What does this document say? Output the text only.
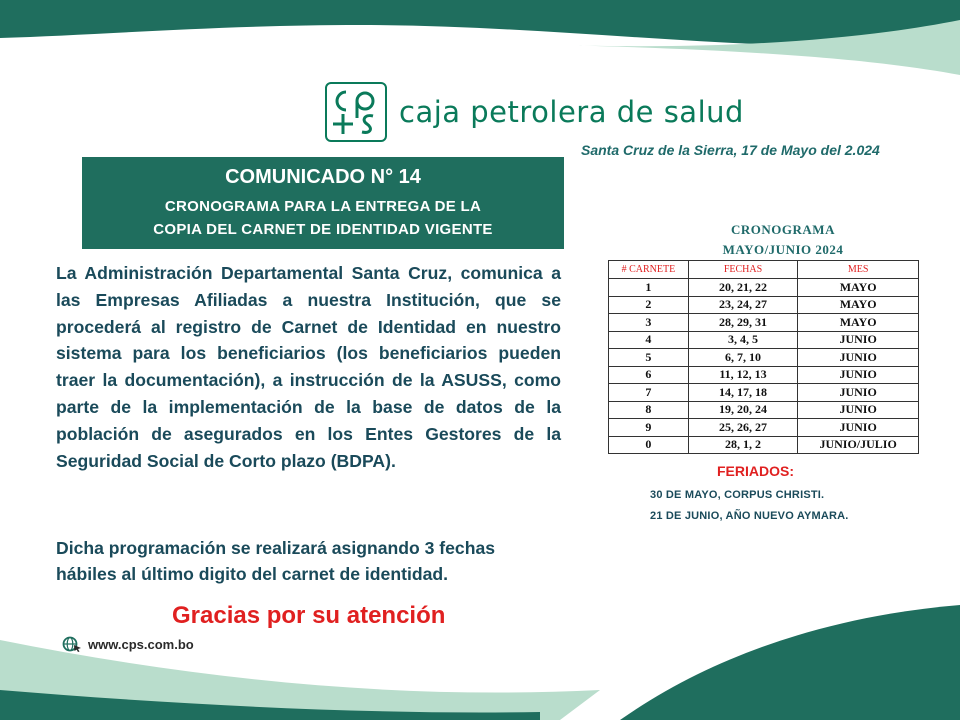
caja petrolera de salud
Santa Cruz de la Sierra, 17 de Mayo del 2.024
COMUNICADO N° 14
CRONOGRAMA PARA LA ENTREGA DE LA
COPIA DEL CARNET DE IDENTIDAD VIGENTE

La Administración Departamental Santa Cruz, comunica a las Empresas Afiliadas a nuestra Institución, que se procederá al registro de Carnet de Identidad en nuestro sistema para los beneficiarios (los beneficiarios pueden traer la documentación), a instrucción de la ASUSS, como parte de la implementación de la base de datos de la población de asegurados en los Entes Gestores de la Seguridad Social de Corto plazo (BDPA).

Dicha programación se realizará asignando 3 fechas hábiles al último digito del carnet de identidad.

Gracias por su atención
www.cps.com.bo
CRONOGRAMA
MAYO/JUNIO 2024
# CARNETE	FECHAS	MES
1	20, 21, 22	MAYO
2	23, 24, 27	MAYO
3	28, 29, 31	MAYO
4	3, 4, 5	JUNIO
5	6, 7, 10	JUNIO
6	11, 12, 13	JUNIO
7	14, 17, 18	JUNIO
8	19, 20, 24	JUNIO
9	25, 26, 27	JUNIO
0	28, 1, 2	JUNIO/JULIO
FERIADOS:
30 DE MAYO, CORPUS CHRISTI.
21 DE JUNIO, AÑO NUEVO AYMARA.
